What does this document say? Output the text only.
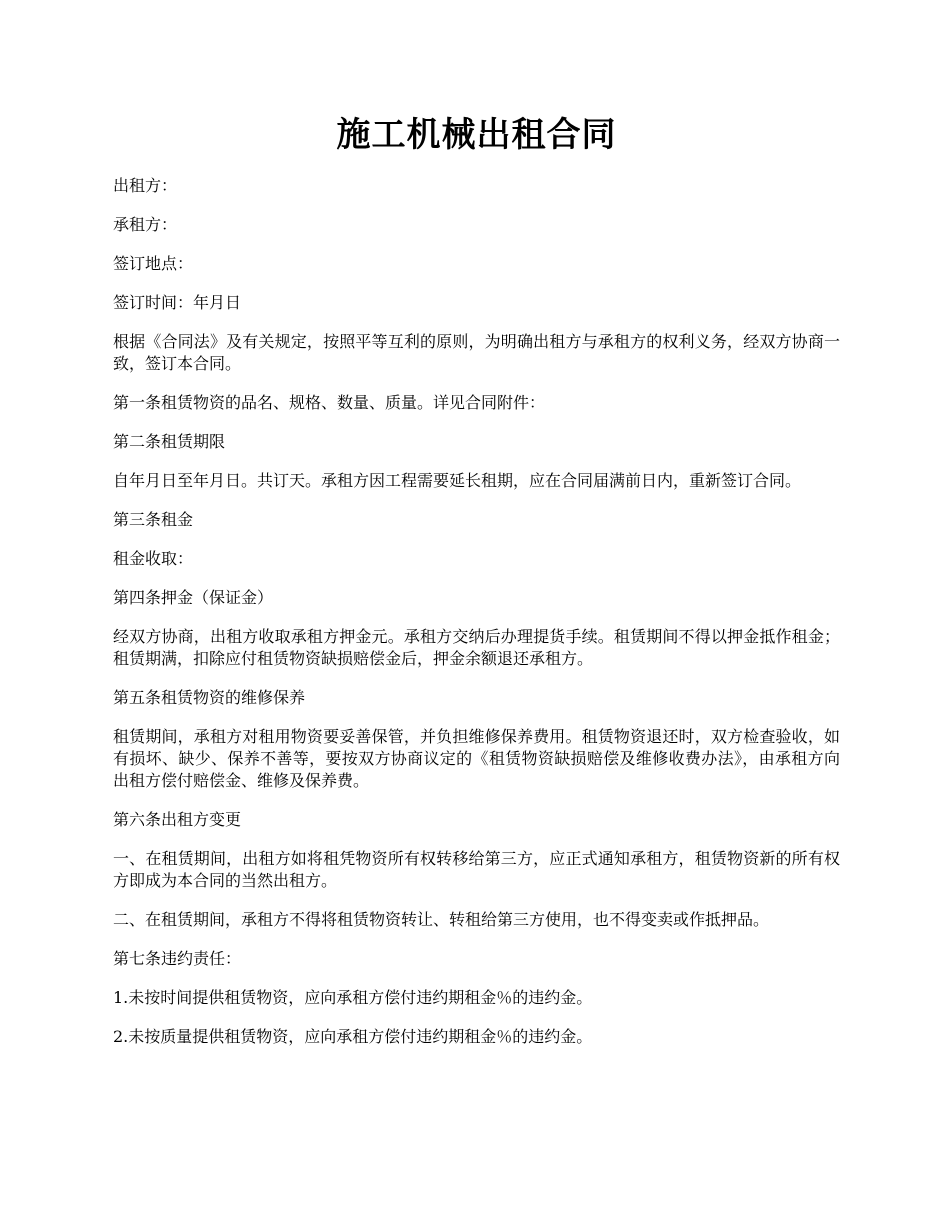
施工机械出租合同

出租方：

承租方：

签订地点：

签订时间：年月日

根据《合同法》及有关规定，按照平等互利的原则，为明确出租方与承租方的权利义务，经双方协商一致，签订本合同。

第一条租赁物资的品名、规格、数量、质量。详见合同附件：

第二条租赁期限

自年月日至年月日。共订天。承租方因工程需要延长租期，应在合同届满前日内，重新签订合同。

第三条租金

租金收取：

第四条押金（保证金）

经双方协商，出租方收取承租方押金元。承租方交纳后办理提货手续。租赁期间不得以押金抵作租金；租赁期满，扣除应付租赁物资缺损赔偿金后，押金余额退还承租方。

第五条租赁物资的维修保养

租赁期间，承租方对租用物资要妥善保管，并负担维修保养费用。租赁物资退还时，双方检查验收，如有损坏、缺少、保养不善等，要按双方协商议定的《租赁物资缺损赔偿及维修收费办法》，由承租方向出租方偿付赔偿金、维修及保养费。

第六条出租方变更

一、在租赁期间，出租方如将租凭物资所有权转移给第三方，应正式通知承租方，租赁物资新的所有权方即成为本合同的当然出租方。

二、在租赁期间，承租方不得将租赁物资转让、转租给第三方使用，也不得变卖或作抵押品。

第七条违约责任：

1.未按时间提供租赁物资，应向承租方偿付违约期租金％的违约金。

2.未按质量提供租赁物资，应向承租方偿付违约期租金％的违约金。
